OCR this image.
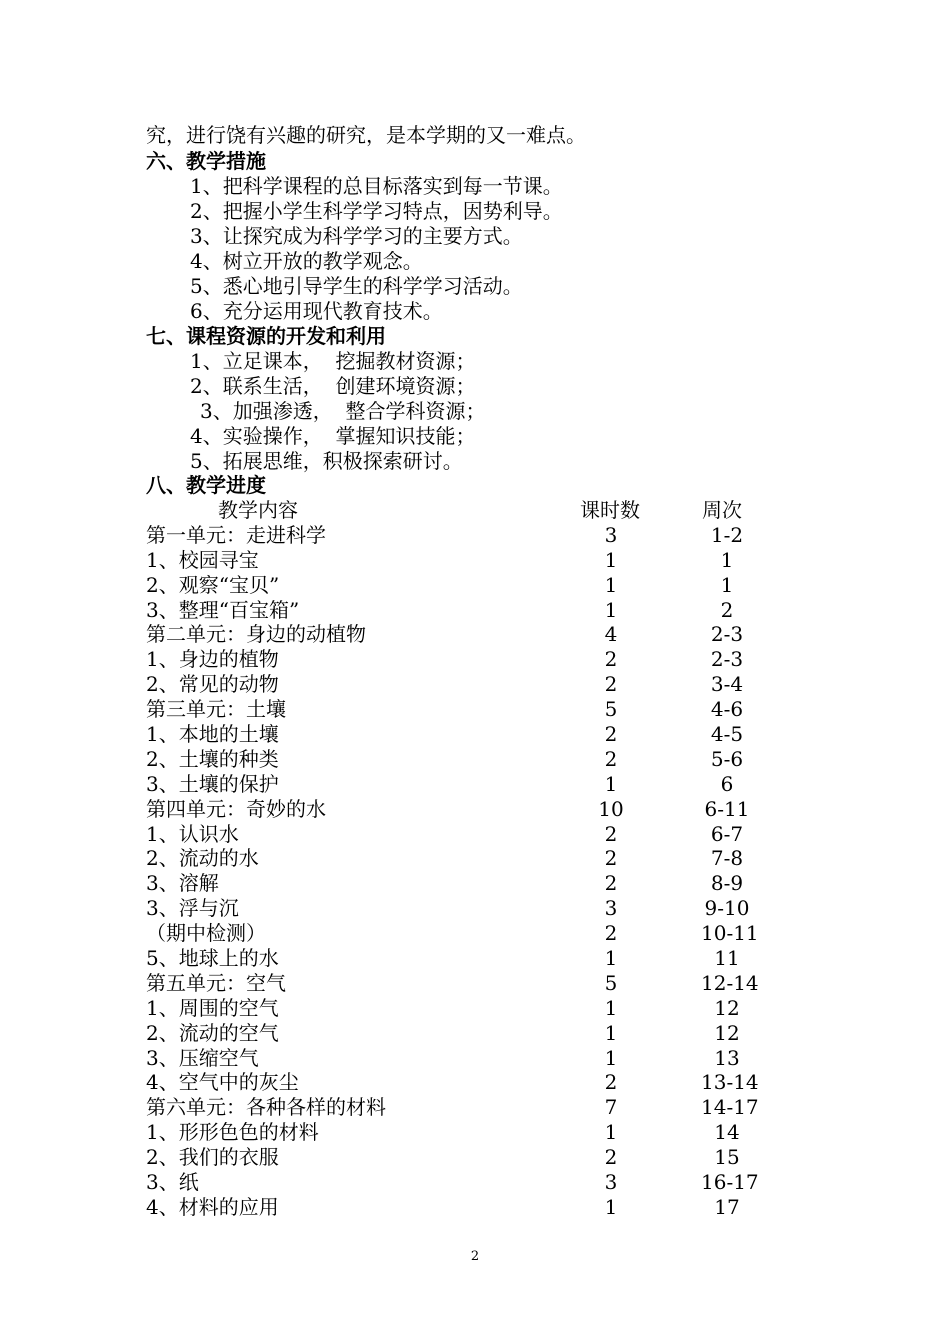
究，进行饶有兴趣的研究，是本学期的又一难点。
六、教学措施
1、把科学课程的总目标落实到每一节课。
2、把握小学生科学学习特点，因势利导。
3、让探究成为科学学习的主要方式。
4、树立开放的教学观念。
5、悉心地引导学生的科学学习活动。
6、充分运用现代教育技术。
七、课程资源的开发和利用
1、立足课本，  挖掘教材资源；
2、联系生活，  创建环境资源；
3、加强渗透，  整合学科资源；
4、实验操作，  掌握知识技能；
5、拓展思维，积极探索研讨。
八、教学进度
教学内容	课时数	周次
第一单元：走进科学	3	1-2
1、校园寻宝	1	1
2、观察“宝贝”	1	1
3、整理“百宝箱”	1	2
第二单元：身边的动植物	4	2-3
1、身边的植物	2	2-3
2、常见的动物	2	3-4
第三单元：土壤	5	4-6
1、本地的土壤	2	4-5
2、土壤的种类	2	5-6
3、土壤的保护	1	6
第四单元：奇妙的水	10	6-11
1、认识水	2	6-7
2、流动的水	2	7-8
3、溶解	2	8-9
3、浮与沉	3	9-10
（期中检测）	2	10-11
5、地球上的水	1	11
第五单元：空气	5	12-14
1、周围的空气	1	12
2、流动的空气	1	12
3、压缩空气	1	13
4、空气中的灰尘	2	13-14
第六单元：各种各样的材料	7	14-17
1、形形色色的材料	1	14
2、我们的衣服	2	15
3、纸	3	16-17
4、材料的应用	1	17
2
